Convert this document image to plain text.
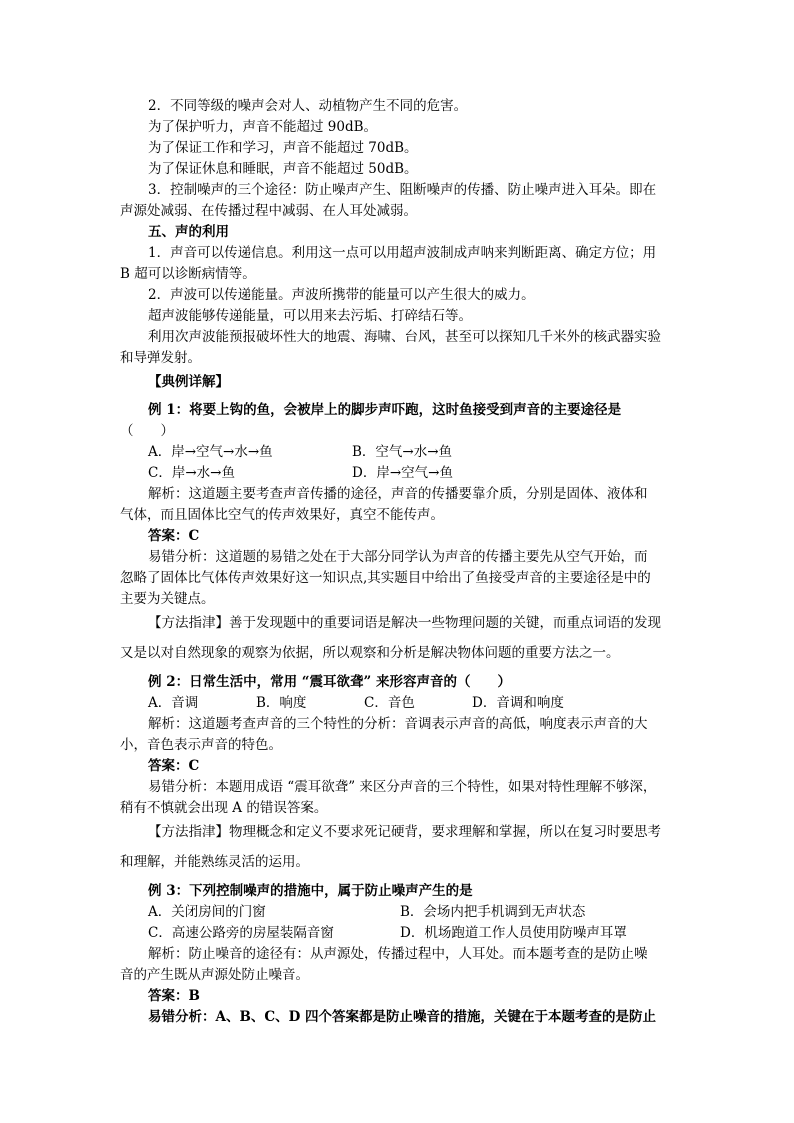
2．不同等级的噪声会对人、动植物产生不同的危害。
为了保护听力，声音不能超过 90dB。
为了保证工作和学习，声音不能超过 70dB。
为了保证休息和睡眠，声音不能超过 50dB。
3．控制噪声的三个途径：防止噪声产生、阻断噪声的传播、防止噪声进入耳朵。即在
声源处减弱、在传播过程中减弱、在人耳处减弱。
五、声的利用
1．声音可以传递信息。利用这一点可以用超声波制成声呐来判断距离、确定方位；用
B 超可以诊断病情等。
2．声波可以传递能量。声波所携带的能量可以产生很大的威力。
超声波能够传递能量，可以用来去污垢、打碎结石等。
利用次声波能预报破坏性大的地震、海啸、台风，甚至可以探知几千米外的核武器实验
和导弹发射。
【典例详解】
例 1：将要上钩的鱼，会被岸上的脚步声吓跑，这时鱼接受到声音的主要途径是
（　　）
A．岸→空气→水→鱼	B．空气→水→鱼
C．岸→水→鱼	D．岸→空气→鱼
解析：这道题主要考查声音传播的途径，声音的传播要靠介质，分别是固体、液体和
气体，而且固体比空气的传声效果好，真空不能传声。
答案：C
易错分析：这道题的易错之处在于大部分同学认为声音的传播主要先从空气开始，而
忽略了固体比气体传声效果好这一知识点,其实题目中给出了鱼接受声音的主要途径是中的
主要为关键点。
【方法指津】善于发现题中的重要词语是解决一些物理问题的关键，而重点词语的发现
又是以对自然现象的观察为依据，所以观察和分析是解决物体问题的重要方法之一。
例 2：日常生活中，常用 “震耳欲聋” 来形容声音的（　　）
A．音调	B．响度	C．音色	D．音调和响度
解析：这道题考查声音的三个特性的分析：音调表示声音的高低，响度表示声音的大
小，音色表示声音的特色。
答案：C
易错分析：本题用成语 “震耳欲聋” 来区分声音的三个特性，如果对特性理解不够深，
稍有不慎就会出现 A 的错误答案。
【方法指津】物理概念和定义不要求死记硬背，要求理解和掌握，所以在复习时要思考
和理解，并能熟练灵活的运用。
例 3：下列控制噪声的措施中，属于防止噪声产生的是
A．关闭房间的门窗	B．会场内把手机调到无声状态
C．高速公路旁的房屋装隔音窗	D．机场跑道工作人员使用防噪声耳罩
解析：防止噪音的途径有：从声源处，传播过程中，人耳处。而本题考查的是防止噪
音的产生既从声源处防止噪音。
答案：B
易错分析：A、B、C、D 四个答案都是防止噪音的措施，关键在于本题考查的是防止
